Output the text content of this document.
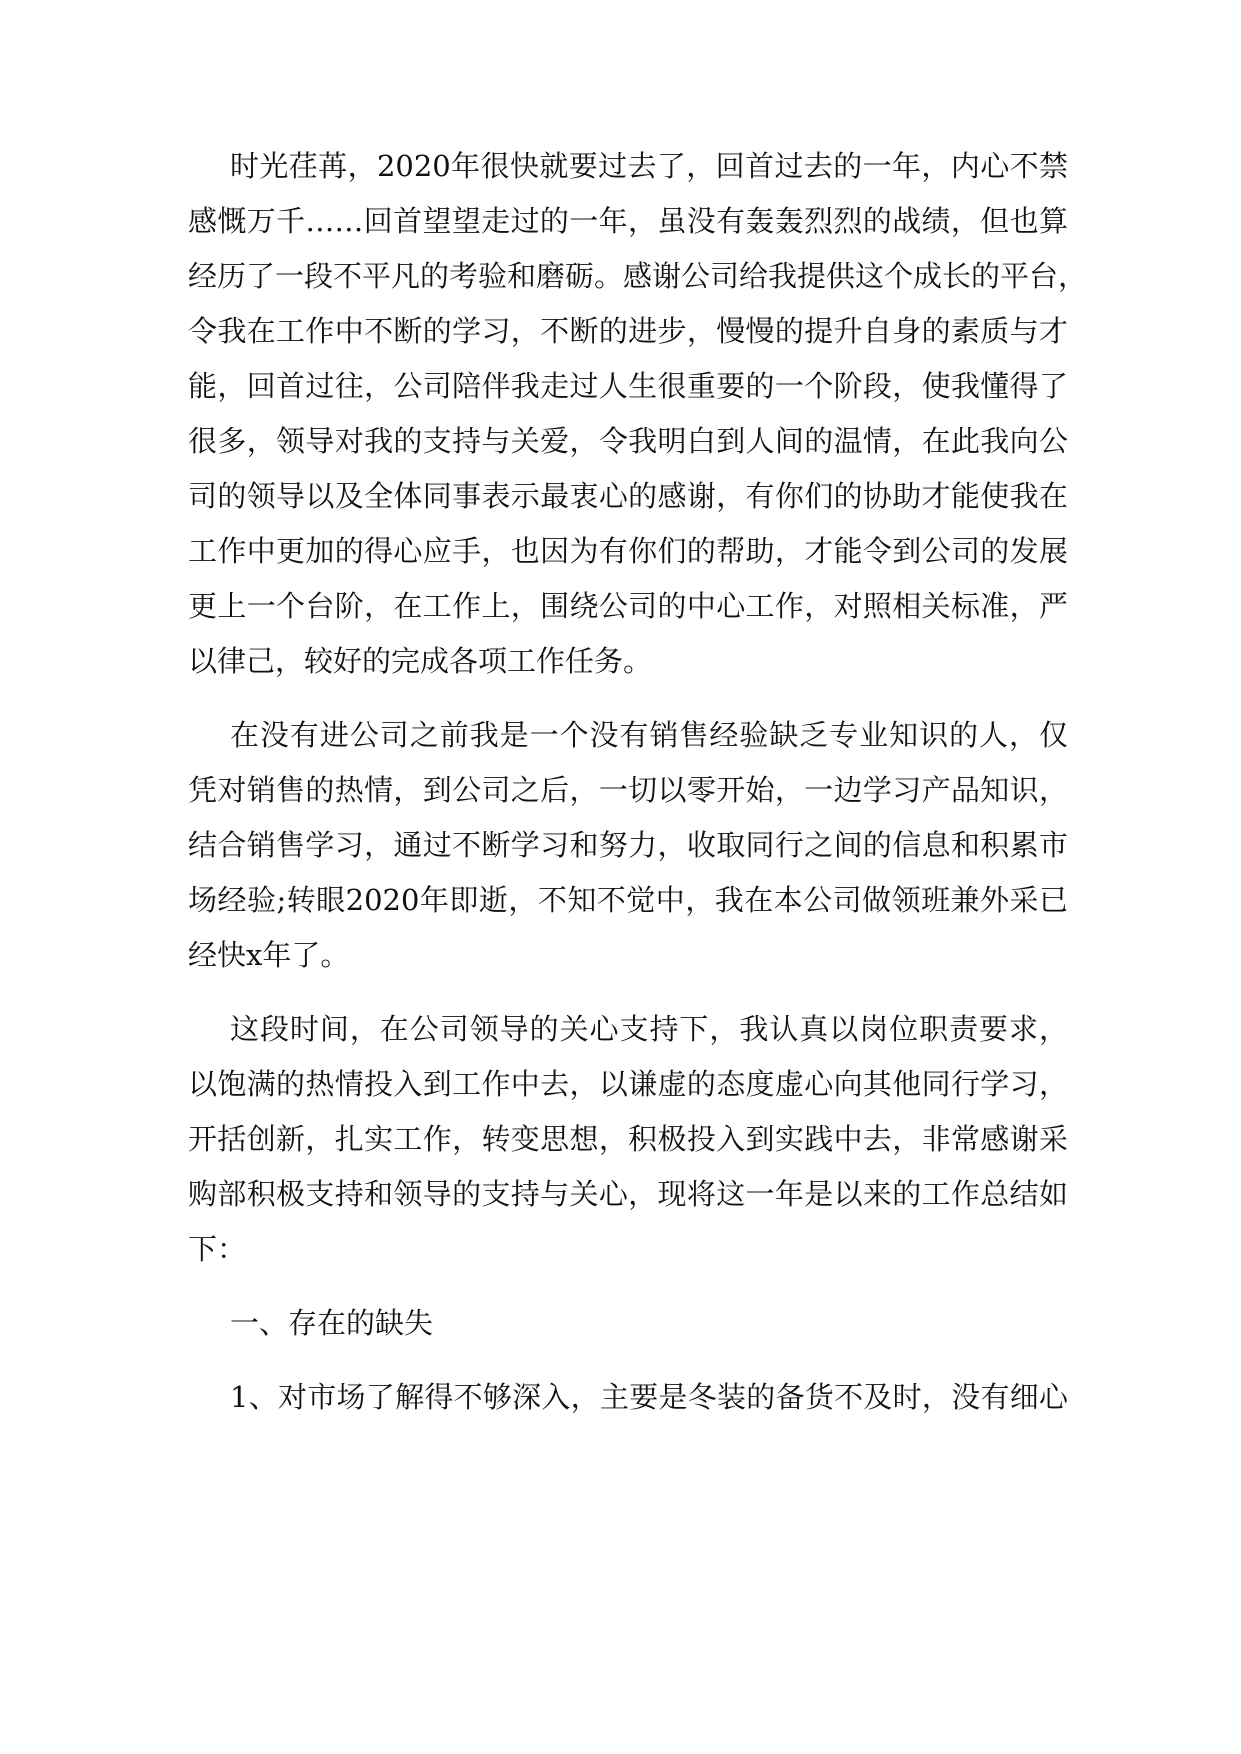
时光荏苒，2020年很快就要过去了，回首过去的一年，内心不禁
感慨万千……回首望望走过的一年，虽没有轰轰烈烈的战绩，但也算
经历了一段不平凡的考验和磨砺。感谢公司给我提供这个成长的平台，
令我在工作中不断的学习，不断的进步，慢慢的提升自身的素质与才
能，回首过往，公司陪伴我走过人生很重要的一个阶段，使我懂得了
很多，领导对我的支持与关爱，令我明白到人间的温情，在此我向公
司的领导以及全体同事表示最衷心的感谢，有你们的协助才能使我在
工作中更加的得心应手，也因为有你们的帮助，才能令到公司的发展
更上一个台阶，在工作上，围绕公司的中心工作，对照相关标准，严
以律己，较好的完成各项工作任务。
在没有进公司之前我是一个没有销售经验缺乏专业知识的人，仅
凭对销售的热情，到公司之后，一切以零开始，一边学习产品知识，
结合销售学习，通过不断学习和努力，收取同行之间的信息和积累市
场经验;转眼2020年即逝，不知不觉中，我在本公司做领班兼外采已
经快x年了。
这段时间，在公司领导的关心支持下，我认真以岗位职责要求，
以饱满的热情投入到工作中去，以谦虚的态度虚心向其他同行学习，
开括创新，扎实工作，转变思想，积极投入到实践中去，非常感谢采
购部积极支持和领导的支持与关心，现将这一年是以来的工作总结如
下：
一、存在的缺失
1、对市场了解得不够深入，主要是冬装的备货不及时，没有细心
